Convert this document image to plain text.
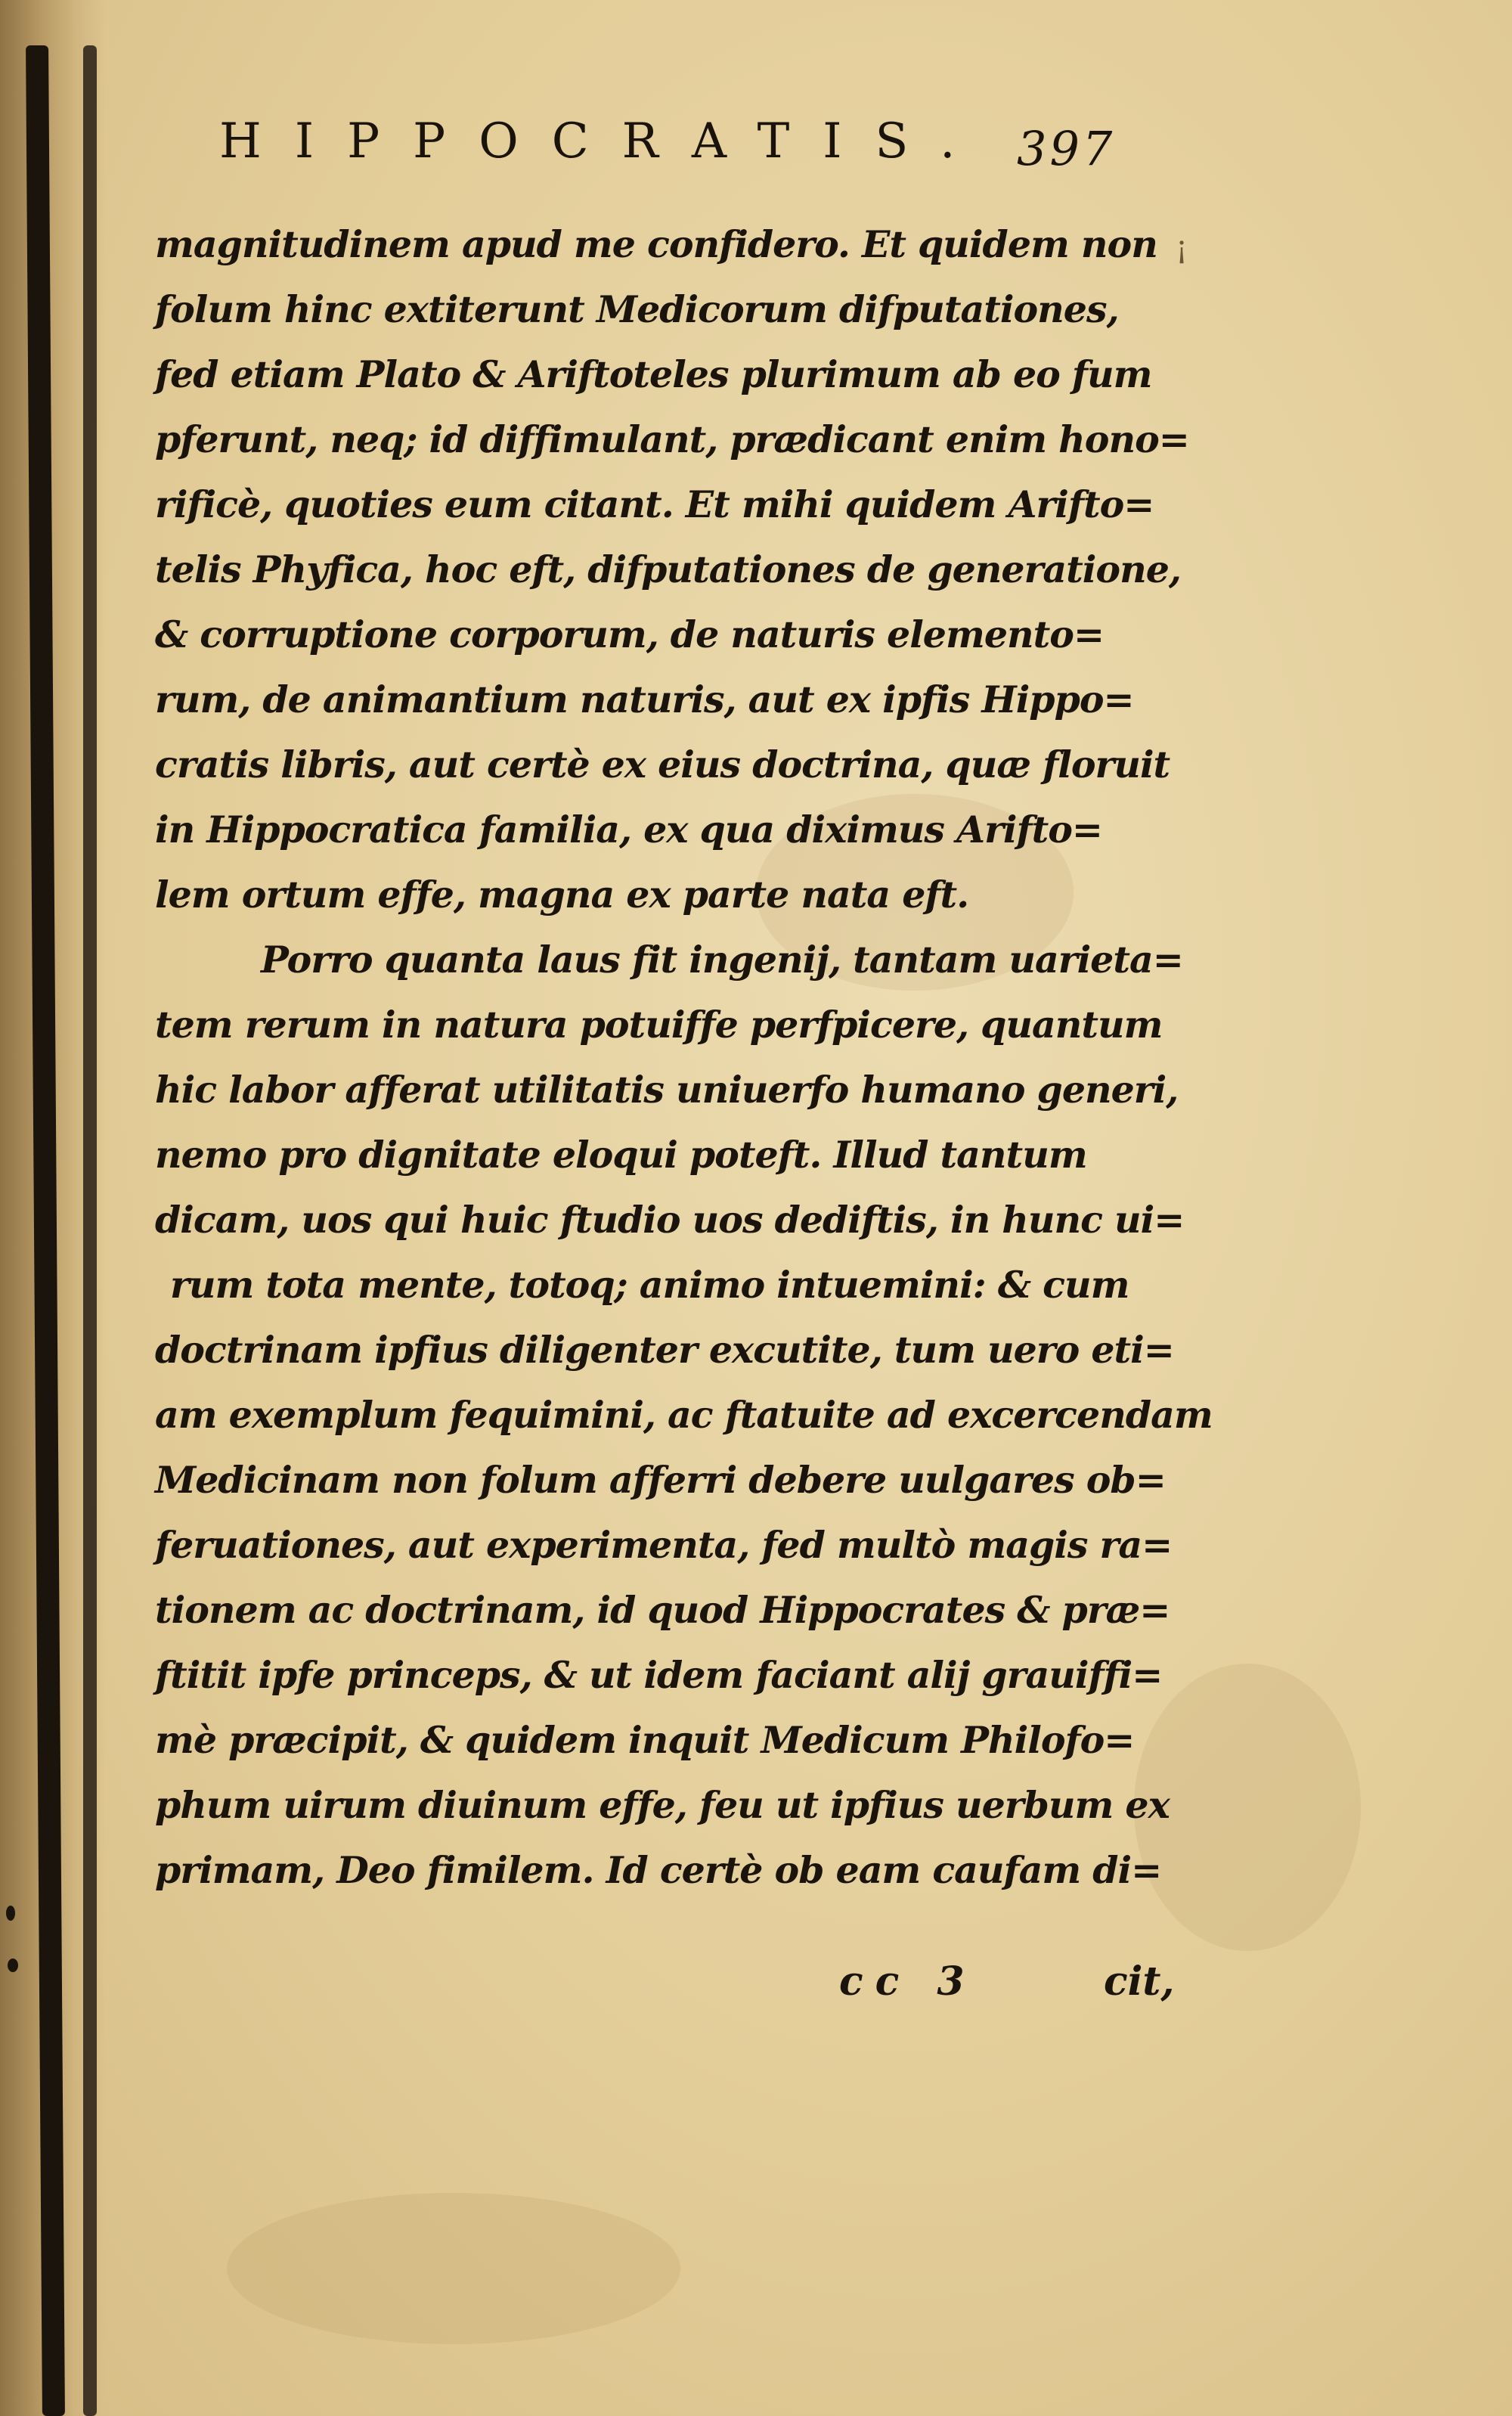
HIPPOCRATIS. 397
¡
magnitudinem apud me confidero. Et quidem non
folum hinc extiterunt Medicorum difputationes,
fed etiam Plato & Ariftoteles plurimum ab eo fum
pferunt, neq; id diffimulant, prædicant enim hono=
rificè, quoties eum citant. Et mihi quidem Arifto=
telis Phyfica, hoc eft, difputationes de generatione,
& corruptione corporum, de naturis elemento=
rum, de animantium naturis, aut ex ipfis Hippo=
cratis libris, aut certè ex eius doctrina, quæ floruit
in Hippocratica familia, ex qua diximus Arifto=
lem ortum effe, magna ex parte nata eft.
Porro quanta laus fit ingenij, tantam uarieta=
tem rerum in natura potuiffe perfpicere, quantum
hic labor afferat utilitatis uniuerfo humano generi,
nemo pro dignitate eloqui poteft. Illud tantum
dicam, uos qui huic ftudio uos dediftis, in hunc ui=
rum tota mente, totoq; animo intuemini: & cum
doctrinam ipfius diligenter excutite, tum uero eti=
am exemplum fequimini, ac ftatuite ad excercendam
Medicinam non folum afferri debere uulgares ob=
feruationes, aut experimenta, fed multò magis ra=
tionem ac doctrinam, id quod Hippocrates & præ=
ftitit ipfe princeps, & ut idem faciant alij grauiffi=
mè præcipit, & quidem inquit Medicum Philofo=
phum uirum diuinum effe, feu ut ipfius uerbum ex
primam, Deo fimilem. Id certè ob eam caufam di=
cc 3	cit,
